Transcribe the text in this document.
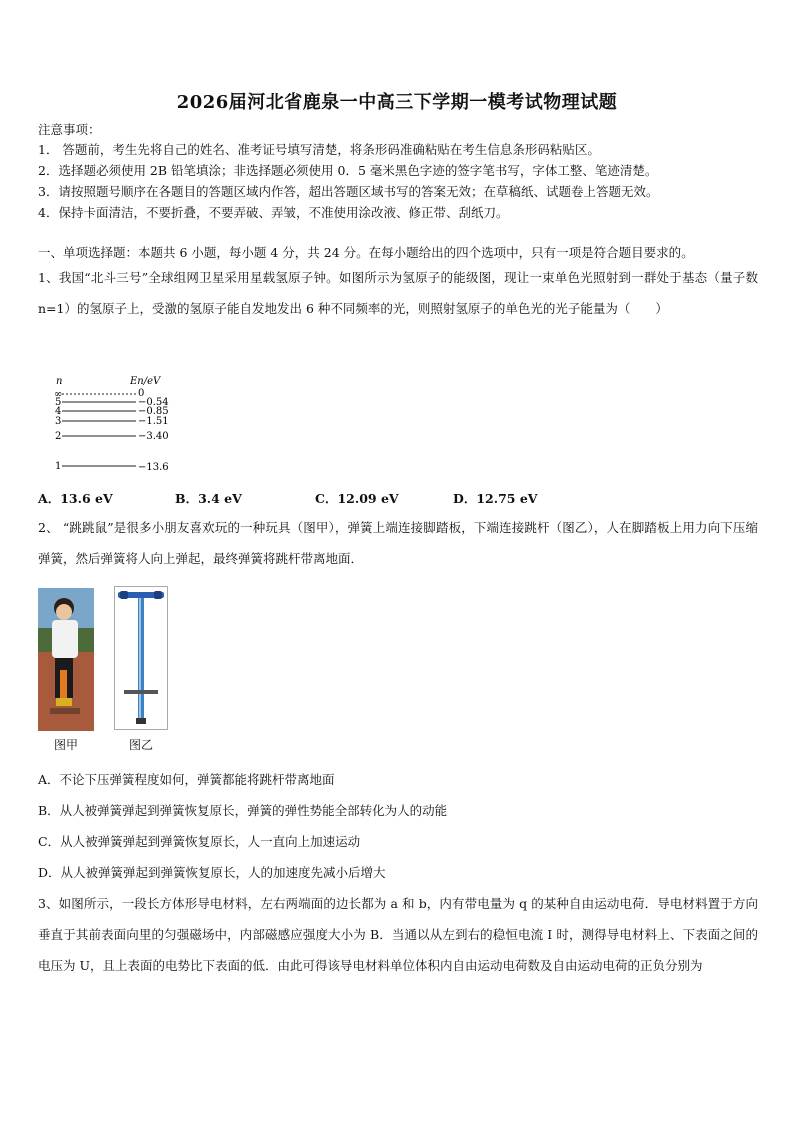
2026届河北省鹿泉一中高三下学期一模考试物理试题
注意事项：
1． 答题前，考生先将自己的姓名、准考证号填写清楚，将条形码准确粘贴在考生信息条形码粘贴区。
2．选择题必须使用 2B 铅笔填涂；非选择题必须使用 0．5 毫米黑色字迹的签字笔书写，字体工整、笔迹清楚。
3．请按照题号顺序在各题目的答题区域内作答，超出答题区域书写的答案无效；在草稿纸、试题卷上答题无效。
4．保持卡面清洁，不要折叠，不要弄破、弄皱，不准使用涂改液、修正带、刮纸刀。
一、单项选择题：本题共 6 小题，每小题 4 分，共 24 分。在每小题给出的四个选项中，只有一项是符合题目要求的。
1、我国“北斗三号”全球组网卫星采用星载氢原子钟。如图所示为氢原子的能级图，现让一束单色光照射到一群处于基态（量子数 n=1）的氢原子上，受激的氢原子能自发地发出 6 种不同频率的光，则照射氢原子的单色光的光子能量为（　　）
n	En/eV
∞	0
5	−0.54
4	−0.85
3	−1.51
2	−3.40
1	−13.6
A．13.6 eV	B．3.4 eV	C．12.09 eV	D．12.75 eV
2、 “跳跳鼠”是很多小朋友喜欢玩的一种玩具（图甲），弹簧上端连接脚踏板，下端连接跳杆（图乙），人在脚踏板上用力向下压缩弹簧，然后弹簧将人向上弹起，最终弹簧将跳杆带离地面．
图甲	图乙
A．不论下压弹簧程度如何，弹簧都能将跳杆带离地面
B．从人被弹簧弹起到弹簧恢复原长，弹簧的弹性势能全部转化为人的动能
C．从人被弹簧弹起到弹簧恢复原长，人一直向上加速运动
D．从人被弹簧弹起到弹簧恢复原长，人的加速度先减小后增大
3、如图所示，一段长方体形导电材料，左右两端面的边长都为 a 和 b，内有带电量为 q 的某种自由运动电荷．导电材料置于方向垂直于其前表面向里的匀强磁场中，内部磁感应强度大小为 B．当通以从左到右的稳恒电流 I 时，测得导电材料上、下表面之间的电压为 U，且上表面的电势比下表面的低．由此可得该导电材料单位体积内自由运动电荷数及自由运动电荷的正负分别为
